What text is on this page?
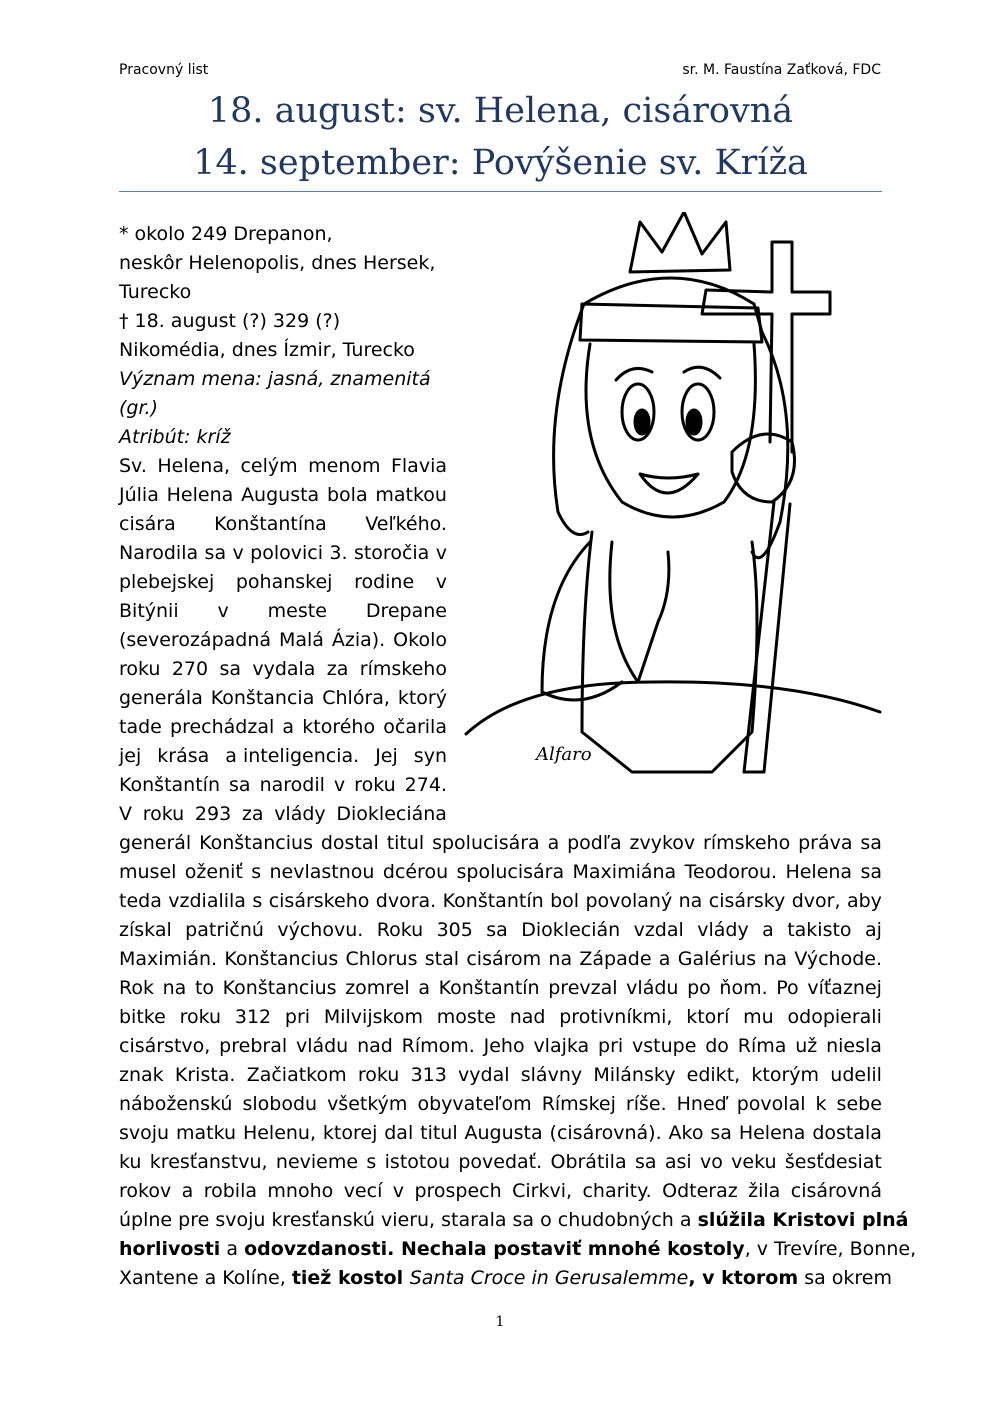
Pracovný list	sr. M. Faustína Zaťková, FDC
18. august: sv. Helena, cisárovná
14. september: Povýšenie sv. Kríža
* okolo 249 Drepanon,
neskôr Helenopolis, dnes Hersek,
Turecko
† 18. august (?) 329 (?)
Nikomédia, dnes Ízmir, Turecko
Význam mena: jasná, znamenitá
(gr.)
Atribút: kríž
Sv. Helena, celým menom Flavia
Júlia Helena Augusta bola matkou
cisára Konštantína Veľkého.
Narodila sa v polovici 3. storočia v
plebejskej pohanskej rodine v
Bitýnii v meste Drepane
(severozápadná Malá Ázia). Okolo
roku 270 sa vydala za rímskeho
generála Konštancia Chlóra, ktorý
tade prechádzal a ktorého očarila
jej krása a inteligencia. Jej syn
Konštantín sa narodil v roku 274.
V roku 293 za vlády Diokleciána
Alfaro
generál Konštancius dostal titul spolucisára a podľa zvykov rímskeho práva sa
musel oženiť s nevlastnou dcérou spolucisára Maximiána Teodorou. Helena sa
teda vzdialila s cisárskeho dvora. Konštantín bol povolaný na cisársky dvor, aby
získal patričnú výchovu. Roku 305 sa Dioklecián vzdal vlády a takisto aj
Maximián. Konštancius Chlorus stal cisárom na Západe a Galérius na Východe.
Rok na to Konštancius zomrel a Konštantín prevzal vládu po ňom. Po víťaznej
bitke roku 312 pri Milvijskom moste nad protivníkmi, ktorí mu odopierali
cisárstvo, prebral vládu nad Rímom. Jeho vlajka pri vstupe do Ríma už niesla
znak Krista. Začiatkom roku 313 vydal slávny Milánsky edikt, ktorým udelil
náboženskú slobodu všetkým obyvateľom Rímskej ríše. Hneď povolal k sebe
svoju matku Helenu, ktorej dal titul Augusta (cisárovná). Ako sa Helena dostala
ku kresťanstvu, nevieme s istotou povedať. Obrátila sa asi vo veku šesťdesiat
rokov a robila mnoho vecí v prospech Cirkvi, charity. Odteraz žila cisárovná
úplne pre svoju kresťanskú vieru, starala sa o chudobných a slúžila Kristovi plná
horlivosti a odovzdanosti. Nechala postaviť mnohé kostoly, v Trevíre, Bonne,
Xantene a Kolíne, tiež kostol Santa Croce in Gerusalemme, v ktorom sa okrem
1
